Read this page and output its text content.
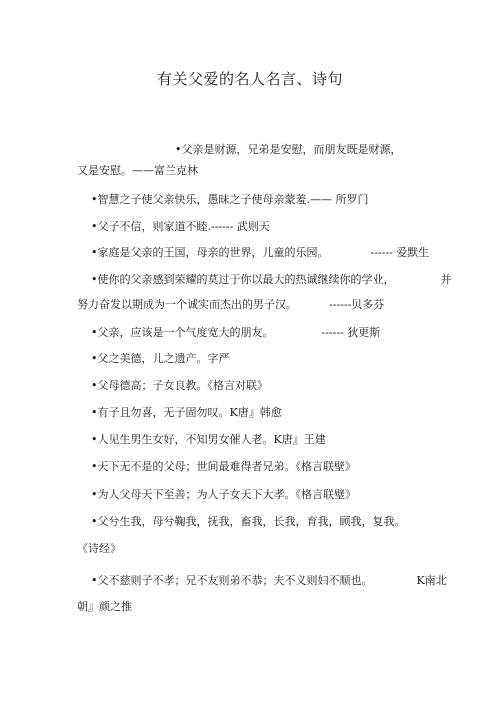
有关父爱的名人名言、诗句
•父亲是财源，兄弟是安慰，而朋友既是财源，
又是安慰。——富兰克林
•智慧之子使父亲快乐，愚昧之子使母亲蒙羞.—— 所罗门
•父子不信，则家道不睦.------ 武则天
•家庭是父亲的王国，母亲的世界，儿童的乐园。	------ 爱默生
•使你的父亲感到荣耀的莫过于你以最大的热诚继续你的学业，	并
努力奋发以期成为一个诚实而杰出的男子汉。	------贝多芬
•父亲，应该是一个气度宽大的朋友。	------ 狄更斯
•父之美德，儿之遗产。字严
•父母德高；子女良教。《格言对联》
•有子且勿喜，无子固勿叹。K唐』韩愈
•人见生男生女好，不知男女催人老。K唐』王建
•天下无不是的父母；世间最难得者兄弟。《格言联壁》
•为人父母天下至善；为人子女天下大孝。《格言联璧》
•父兮生我，母兮鞠我，抚我，畜我，长我，育我，顾我，复我。
《诗经》
•父不慈则子不孝；兄不友则弟不恭；夫不义则妇不顺也。	K南北
朝』颜之推
